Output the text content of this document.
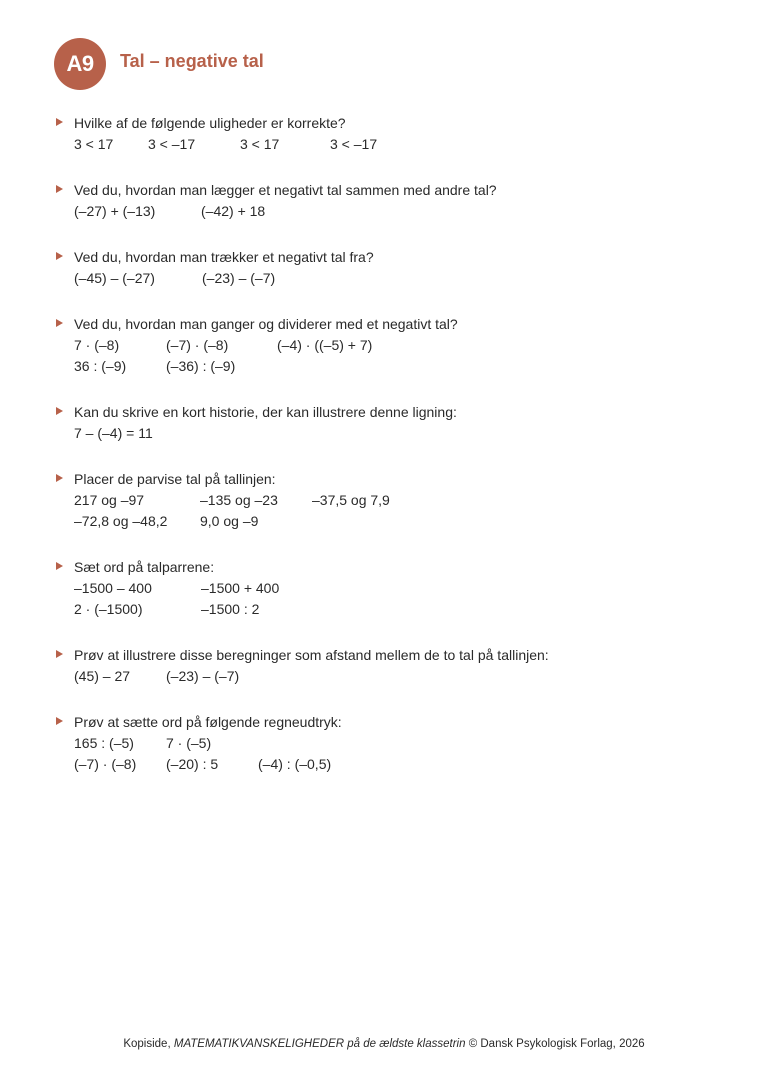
A9	Tal – negative tal
Hvilke af de følgende uligheder er korrekte?
3 < 17 3 < –17	3 < 17	3 < –17
Ved du, hvordan man lægger et negativt tal sammen med andre tal?
(–27) + (–13)	(–42) + 18
Ved du, hvordan man trækker et negativt tal fra?
(–45) – (–27)	(–23) – (–7)
Ved du, hvordan man ganger og dividerer med et negativt tal?
7 · (–8)	(–7) · (–8)	(–4) · ((–5) + 7)
36 : (–9)	(–36) : (–9)
Kan du skrive en kort historie, der kan illustrere denne ligning:
7 – (–4) = 11
Placer de parvise tal på tallinjen:
217 og –97	–135 og –23 –37,5 og 7,9
–72,8 og –48,2 9,0 og –9
Sæt ord på talparrene:
–1500 – 400	–1500 + 400
2 · (–1500)	–1500 : 2
Prøv at illustrere disse beregninger som afstand mellem de to tal på tallinjen:
(45) – 27	(–23) – (–7)
Prøv at sætte ord på følgende regneudtryk:
165 : (–5) 7 · (–5)
(–7) · (–8) (–20) : 5	(–4) : (–0,5)
Kopiside, MATEMATIKVANSKELIGHEDER på de ældste klassetrin © Dansk Psykologisk Forlag, 2026
